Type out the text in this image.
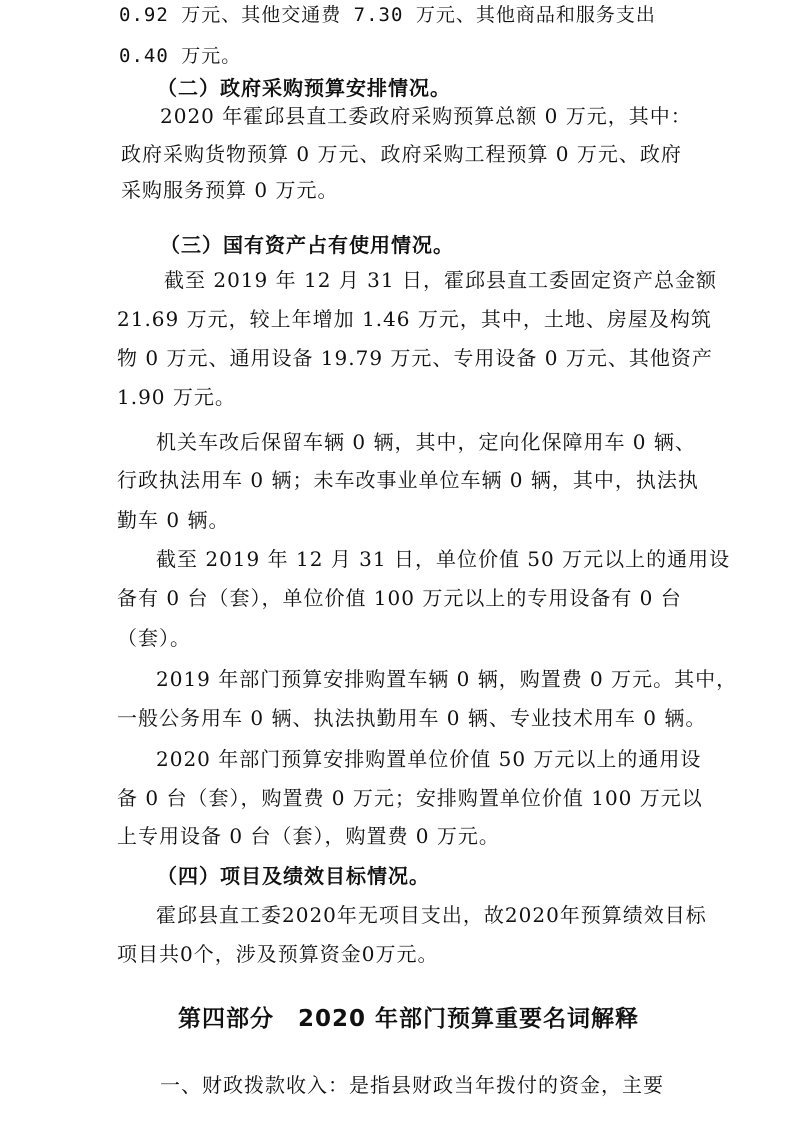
0.92 万元、其他交通费 7.30 万元、其他商品和服务支出
0.40 万元。
（二）政府采购预算安排情况。
2020 年霍邱县直工委政府采购预算总额 0 万元，其中：
政府采购货物预算 0 万元、政府采购工程预算 0 万元、政府
采购服务预算 0 万元。
（三）国有资产占有使用情况。
截至 2019 年 12 月 31 日，霍邱县直工委固定资产总金额
21.69 万元，较上年增加 1.46 万元，其中，土地、房屋及构筑
物 0 万元、通用设备 19.79 万元、专用设备 0 万元、其他资产
1.90 万元。
机关车改后保留车辆 0 辆，其中，定向化保障用车 0 辆、
行政执法用车 0 辆；未车改事业单位车辆 0 辆，其中，执法执
勤车 0 辆。
截至 2019 年 12 月 31 日，单位价值 50 万元以上的通用设
备有 0 台（套），单位价值 100 万元以上的专用设备有 0 台
（套）。
2019 年部门预算安排购置车辆 0 辆，购置费 0 万元。其中，
一般公务用车 0 辆、执法执勤用车 0 辆、专业技术用车 0 辆。
2020 年部门预算安排购置单位价值 50 万元以上的通用设
备 0 台（套），购置费 0 万元；安排购置单位价值 100 万元以
上专用设备 0 台（套），购置费 0 万元。
（四）项目及绩效目标情况。
霍邱县直工委2020年无项目支出，故2020年预算绩效目标
项目共0个，涉及预算资金0万元。
第四部分　2020 年部门预算重要名词解释
一、财政拨款收入：是指县财政当年拨付的资金，主要
